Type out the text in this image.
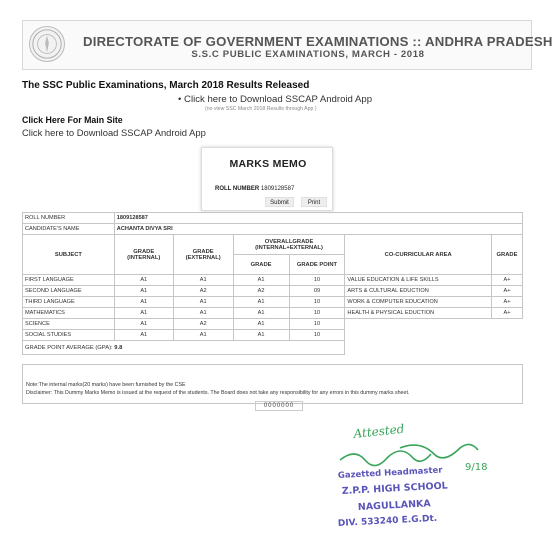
DIRECTORATE OF GOVERNMENT EXAMINATIONS :: ANDHRA PRADESH
S.S.C PUBLIC EXAMINATIONS, MARCH - 2018
The SSC Public Examinations, March 2018 Results Released
• Click here to Download SSCAP Android App
(no view SSC March 2018 Results through App )
Click Here For Main Site
Click here to Download SSCAP Android App
MARKS MEMO
ROLL NUMBER 1809128587
Submit	Print
ROLL NUMBER	1809128587					
CANDIDATE'S NAME	ACHANTA DIVYA SRI					
SUBJECT	GRADE (INTERNAL)	GRADE (EXTERNAL)	OVERALLGRADE (INTERNAL+EXTERNAL)		CO-CURRICULAR AREA	GRADE
			GRADE	GRADE POINT		
FIRST LANGUAGE	A1	A1	A1	10	VALUE EDUCATION & LIFE SKILLS	A+
SECOND LANGUAGE	A1	A2	A2	09	ARTS & CULTURAL EDUCTION	A+
THIRD LANGUAGE	A1	A1	A1	10	WORK & COMPUTER EDUCATION	A+
MATHEMATICS	A1	A1	A1	10	HEALTH & PHYSICAL EDUCTION	A+
SCIENCE	A1	A2	A1	10		
SOCIAL STUDIES	A1	A1	A1	10		
GRADE POINT AVERAGE (GPA): 9.8						
Note:The internal marks(20 marks) have been furnished by the CSE
Disclaimer: This Dummy Marks Memo is issued at the request of the students. The Board does not take any responsibility for any errors in this dummy marks sheet.
0000000
Attested
9/18
Gazetted Headmaster
Z.P.P. HIGH SCHOOL
NAGULLANKA
DIV. 533240 E.G.Dt.
